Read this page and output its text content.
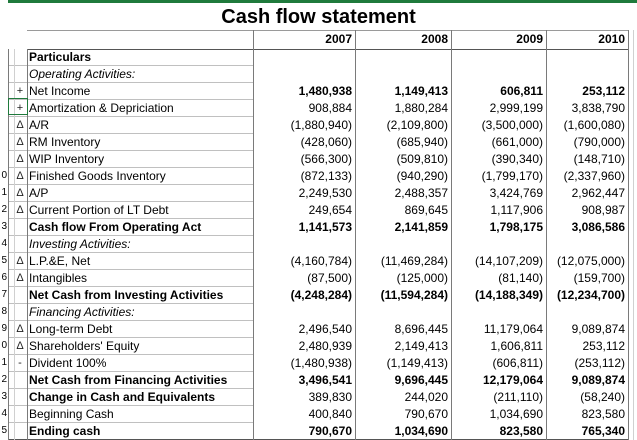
Cash flow statement
2007	2008	2009	2010
Particulars
Operating Activities:
+ Net Income	1,480,938	1,149,413	606,811	253,112
+ Amortization & Depriciation	908,884	1,880,284	2,999,199	3,838,790
Δ A/R	(1,880,940)	(2,109,800)	(3,500,000)	(1,600,080)
Δ RM Inventory	(428,060)	(685,940)	(661,000)	(790,000)
Δ WIP Inventory	(566,300)	(509,810)	(390,340)	(148,710)
Δ Finished Goods Inventory	(872,133)	(940,290)	(1,799,170)	(2,337,960)
Δ A/P	2,249,530	2,488,357	3,424,769	2,962,447
Δ Current Portion of LT Debt	249,654	869,645	1,117,906	908,987
Cash flow From Operating Act	1,141,573	2,141,859	1,798,175	3,086,586
Investing Activities:
Δ L.P.&E, Net	(4,160,784)	(11,469,284)	(14,107,209)	(12,075,000)
Δ Intangibles	(87,500)	(125,000)	(81,140)	(159,700)
Net Cash from Investing Activities	(4,248,284)	(11,594,284)	(14,188,349)	(12,234,700)
Financing Activities:
Δ Long-term Debt	2,496,540	8,696,445	11,179,064	9,089,874
Δ Shareholders' Equity	2,480,939	2,149,413	1,606,811	253,112
- Divident 100%	(1,480,938)	(1,149,413)	(606,811)	(253,112)
Net Cash from Financing Activities	3,496,541	9,696,445	12,179,064	9,089,874
Change in Cash and Equivalents	389,830	244,020	(211,110)	(58,240)
Beginning Cash	400,840	790,670	1,034,690	823,580
Ending cash	790,670	1,034,690	823,580	765,340
0
1
2
3
4
5
6
7
8
9
0
1
2
3
4
5
